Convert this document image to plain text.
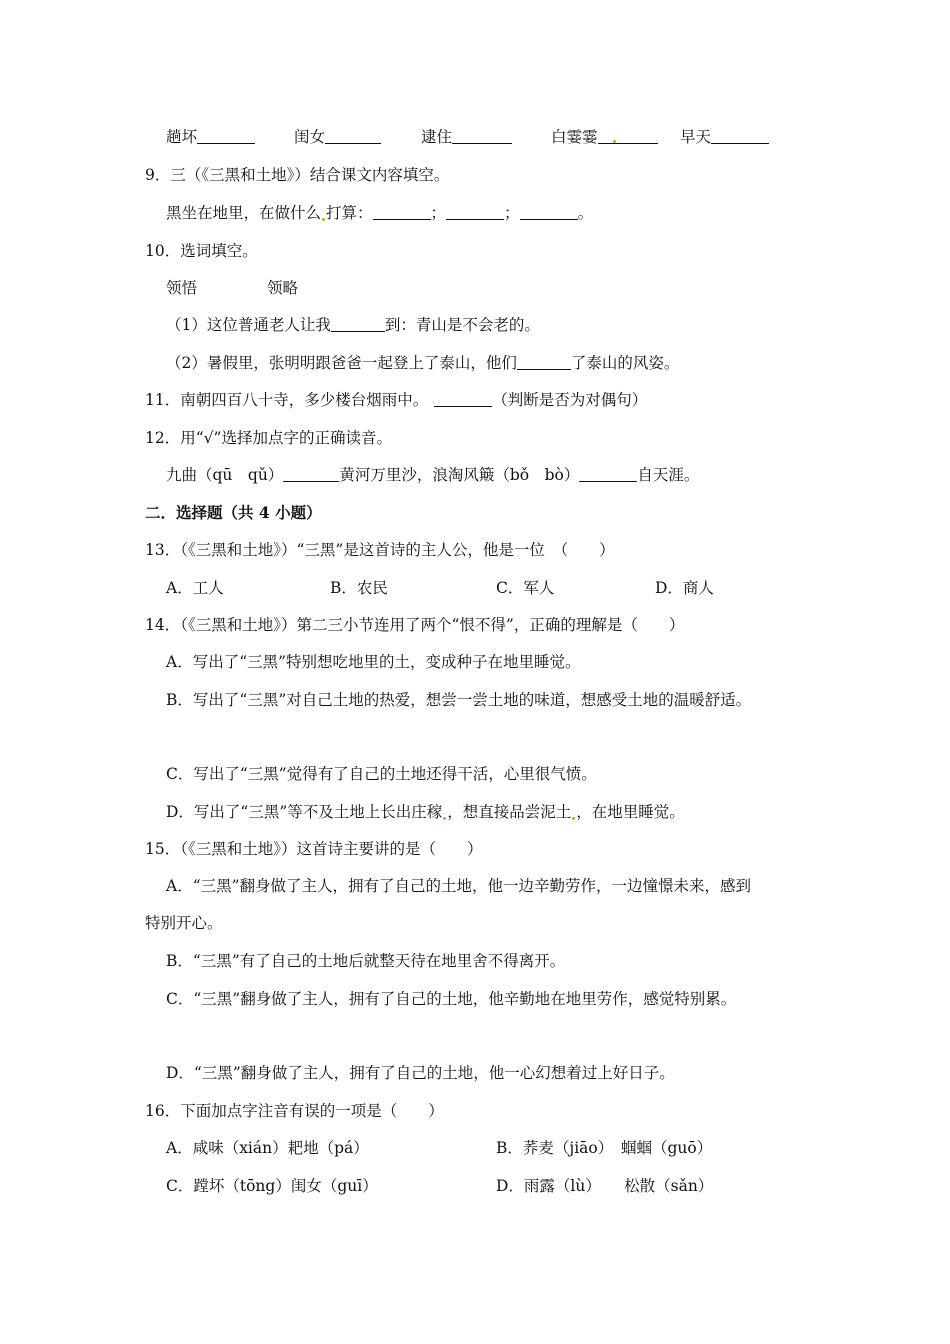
趟坏	闺女	逮住	白霎霎	早天
9．三（《三黑和土地》）结合课文内容填空。
黑坐在地里，在做什么 打算：	；	；	。
10．选词填空。
领悟	领略
（1）这位普通老人让我	到：青山是不会老的。
（2）暑假里，张明明跟爸爸一起登上了泰山，他们	了泰山的风姿。
11．南朝四百八十寺，多少楼台烟雨中。	（判断是否为对偶句）
12．用“√”选择加点字的正确读音。
九曲（qū　qǔ）	黄河万里沙，浪淘风簸（bǒ　bò）	自天涯。
二．选择题（共 4 小题）
13．（《三黑和土地》）“三黑”是这首诗的主人公，他是一位　（　　）
A．工人	B．农民	C．军人	D．商人
14．（《三黑和土地》）第二三小节连用了两个“恨不得”，正确的理解是（　　）
A．写出了“三黑”特别想吃地里的土，变成种子在地里睡觉。
B．写出了“三黑”对自己土地的热爱，想尝一尝土地的味道，想感受土地的温暖舒适。
C．写出了“三黑”觉得有了自己的土地还得干活，心里很气愤。
D．写出了“三黑”等不及土地上长出庄稼 ，想直接品尝泥土 ，在地里睡觉。
15．（《三黑和土地》）这首诗主要讲的是（　　）
A．“三黑”翻身做了主人，拥有了自己的土地，他一边辛勤劳作，一边憧憬未来，感到
特别开心。
B．“三黑”有了自己的土地后就整天待在地里舍不得离开。
C．“三黑”翻身做了主人，拥有了自己的土地，他辛勤地在地里劳作，感觉特别累。
D．“三黑”翻身做了主人，拥有了自己的土地，他一心幻想着过上好日子。
16．下面加点字注音有误的一项是（　　）
A．咸味（xián）耙地（pá）	B．荞麦（jiāo）　蝈蝈（guō）
C．蹚坏（tōng）闺女（guī）	D．雨露（lù）　　松散（sǎn）
